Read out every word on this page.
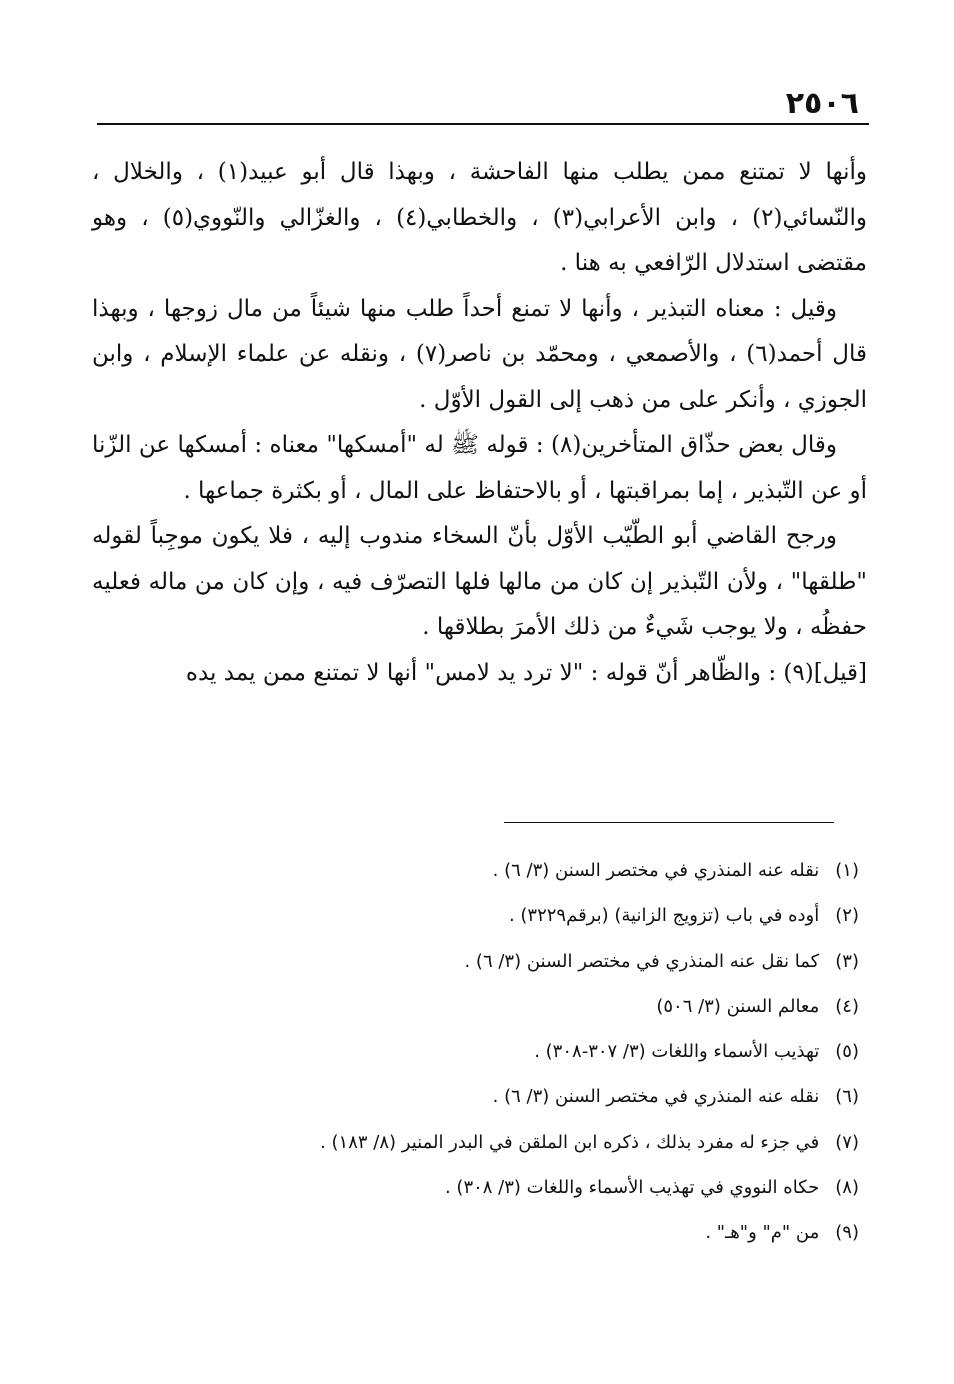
٢٥٠٦

وأنها لا تمتنع ممن يطلب منها الفاحشة ، وبهذا قال أبو عبيد(١) ، والخلال ، والنّسائي(٢) ، وابن الأعرابي(٣) ، والخطابي(٤) ، والغزّالي والنّووي(٥) ، وهو مقتضى استدلال الرّافعي به هنا .

وقيل : معناه التبذير ، وأنها لا تمنع أحداً طلب منها شيئاً من مال زوجها ، وبهذا قال أحمد(٦) ، والأصمعي ، ومحمّد بن ناصر(٧) ، ونقله عن علماء الإسلام ، وابن الجوزي ، وأنكر على من ذهب إلى القول الأوّل .

وقال بعض حذّاق المتأخرين(٨) : قوله ﷺ له "أمسكها" معناه : أمسكها عن الزّنا أو عن التّبذير ، إما بمراقبتها ، أو بالاحتفاظ على المال ، أو بكثرة جماعها .

ورجح القاضي أبو الطّيّب الأوّل بأنّ السخاء مندوب إليه ، فلا يكون موجِباً لقوله "طلقها" ، ولأن التّبذير إن كان من مالها فلها التصرّف فيه ، وإن كان من ماله فعليه حفظُه ، ولا يوجب شَيءٌ من ذلك الأمرَ بطلاقها .

[قيل](٩) : والظّاهر أنّ قوله : "لا ترد يد لامس" أنها لا تمتنع ممن يمد يده

(١) نقله عنه المنذري في مختصر السنن (٣/ ٦) .
(٢) أوده في باب (تزويج الزانية) (برقم٣٢٢٩) .
(٣) كما نقل عنه المنذري في مختصر السنن (٣/ ٦) .
(٤) معالم السنن (٣/ ٥٠٦)
(٥) تهذيب الأسماء واللغات (٣/ ٣٠٧-٣٠٨) .
(٦) نقله عنه المنذري في مختصر السنن (٣/ ٦) .
(٧) في جزء له مفرد بذلك ، ذكره ابن الملقن في البدر المنير (٨/ ١٨٣) .
(٨) حكاه النووي في تهذيب الأسماء واللغات (٣/ ٣٠٨) .
(٩) من "م" و"هـ" .
